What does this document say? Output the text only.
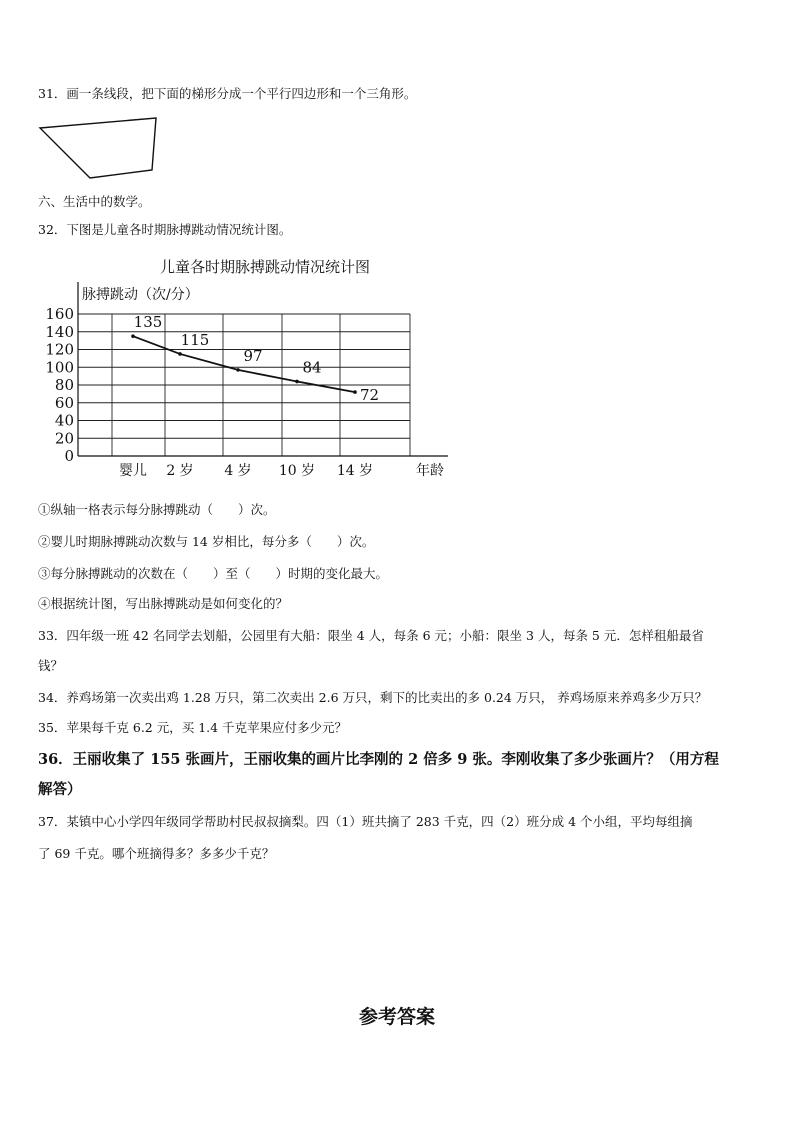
31．画一条线段，把下面的梯形分成一个平行四边形和一个三角形。
六、生活中的数学。
32．下图是儿童各时期脉搏跳动情况统计图。
儿童各时期脉搏跳动情况统计图
脉搏跳动（次/分）
0
20
40
60
80
100
120
140
160
婴儿 2 岁 4 岁 10 岁 14 岁	年龄
135
115
97
84
72
①纵轴一格表示每分脉搏跳动（　　）次。
②婴儿时期脉搏跳动次数与 14 岁相比，每分多（　　）次。
③每分脉搏跳动的次数在（　　）至（　　）时期的变化最大。
④根据统计图，写出脉搏跳动是如何变化的？
33．四年级一班 42 名同学去划船，公园里有大船：限坐 4 人，每条 6 元；小船：限坐 3 人，每条 5 元．怎样租船最省
钱？
34．养鸡场第一次卖出鸡 1.28 万只，第二次卖出 2.6 万只，剩下的比卖出的多 0.24 万只， 养鸡场原来养鸡多少万只？
35．苹果每千克 6.2 元，买 1.4 千克苹果应付多少元？
36．王丽收集了 155 张画片，王丽收集的画片比李刚的 2 倍多 9 张。李刚收集了多少张画片？（用方程
解答）
37．某镇中心小学四年级同学帮助村民叔叔摘梨。四（1）班共摘了 283 千克，四（2）班分成 4 个小组，平均每组摘
了 69 千克。哪个班摘得多？多多少千克？
参考答案
